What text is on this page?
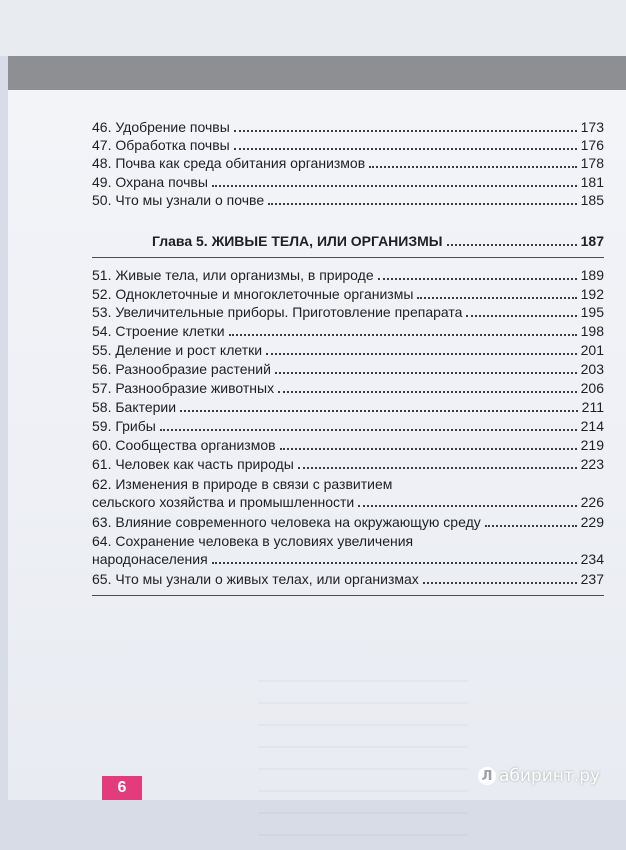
46. Удобрение почвы	173
47. Обработка почвы	176
48. Почва как среда обитания организмов	178
49. Охрана почвы	181
50. Что мы узнали о почве	185
Глава 5. ЖИВЫЕ ТЕЛА, ИЛИ ОРГАНИЗМЫ	187
51. Живые тела, или организмы, в природе	189
52. Одноклеточные и многоклеточные организмы	192
53. Увеличительные приборы. Приготовление препарата	195
54. Строение клетки	198
55. Деление и рост клетки	201
56. Разнообразие растений	203
57. Разнообразие животных	206
58. Бактерии	211
59. Грибы	214
60. Сообщества организмов	219
61. Человек как часть природы	223
62. Изменения в природе в связи с развитием
сельского хозяйства и промышленности	226
63. Влияние современного человека на окружающую среду	229
64. Сохранение человека в условиях увеличения
народонаселения	234
65. Что мы узнали о живых телах, или организмах	237
6
Л абиринт.ру
